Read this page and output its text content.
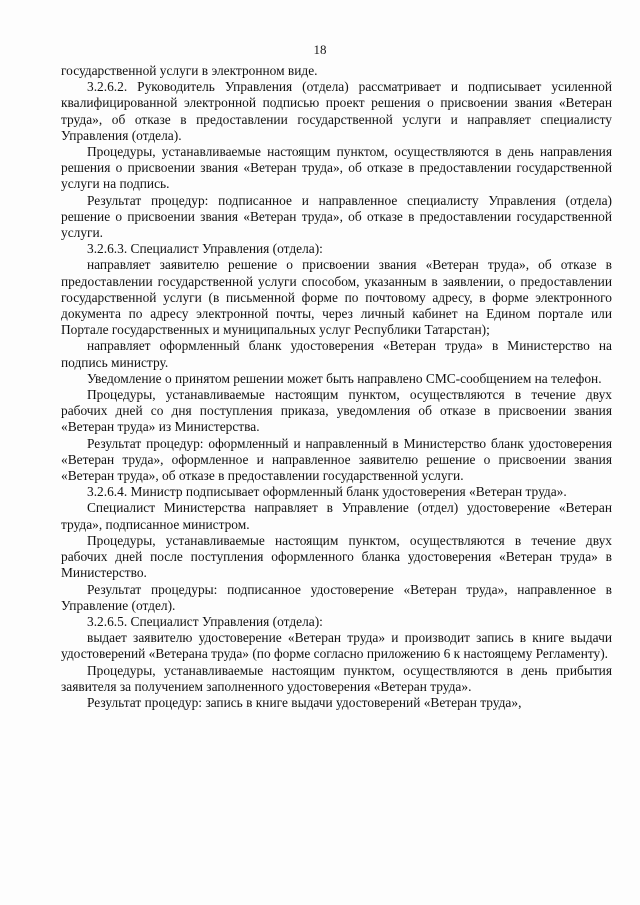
18

государственной услуги в электронном виде.

3.2.6.2. Руководитель Управления (отдела) рассматривает и подписывает усиленной квалифицированной электронной подписью проект решения о присвоении звания «Ветеран труда», об отказе в предоставлении государственной услуги и направляет специалисту Управления (отдела).

Процедуры, устанавливаемые настоящим пунктом, осуществляются в день направления решения о присвоении звания «Ветеран труда», об отказе в предоставлении государственной услуги на подпись.

Результат процедур: подписанное и направленное специалисту Управления (отдела) решение о присвоении звания «Ветеран труда», об отказе в предоставлении государственной услуги.

3.2.6.3. Специалист Управления (отдела):

направляет заявителю решение о присвоении звания «Ветеран труда», об отказе в предоставлении государственной услуги способом, указанным в заявлении, о предоставлении государственной услуги (в письменной форме по почтовому адресу, в форме электронного документа по адресу электронной почты, через личный кабинет на Едином портале или Портале государственных и муниципальных услуг Республики Татарстан);

направляет оформленный бланк удостоверения «Ветеран труда» в Министерство на подпись министру.

Уведомление о принятом решении может быть направлено СМС-сообщением на телефон.

Процедуры, устанавливаемые настоящим пунктом, осуществляются в течение двух рабочих дней со дня поступления приказа, уведомления об отказе в присвоении звания «Ветеран труда» из Министерства.

Результат процедур: оформленный и направленный в Министерство бланк удостоверения «Ветеран труда», оформленное и направленное заявителю решение о присвоении звания «Ветеран труда», об отказе в предоставлении государственной услуги.

3.2.6.4. Министр подписывает оформленный бланк удостоверения «Ветеран труда».

Специалист Министерства направляет в Управление (отдел) удостоверение «Ветеран труда», подписанное министром.

Процедуры, устанавливаемые настоящим пунктом, осуществляются в течение двух рабочих дней после поступления оформленного бланка удостоверения «Ветеран труда» в Министерство.

Результат процедуры: подписанное удостоверение «Ветеран труда», направленное в Управление (отдел).

3.2.6.5. Специалист Управления (отдела):

выдает заявителю удостоверение «Ветеран труда» и производит запись в книге выдачи удостоверений «Ветерана труда» (по форме согласно приложению 6 к настоящему Регламенту).

Процедуры, устанавливаемые настоящим пунктом, осуществляются в день прибытия заявителя за получением заполненного удостоверения «Ветеран труда».

Результат процедур: запись в книге выдачи удостоверений «Ветеран труда»,
